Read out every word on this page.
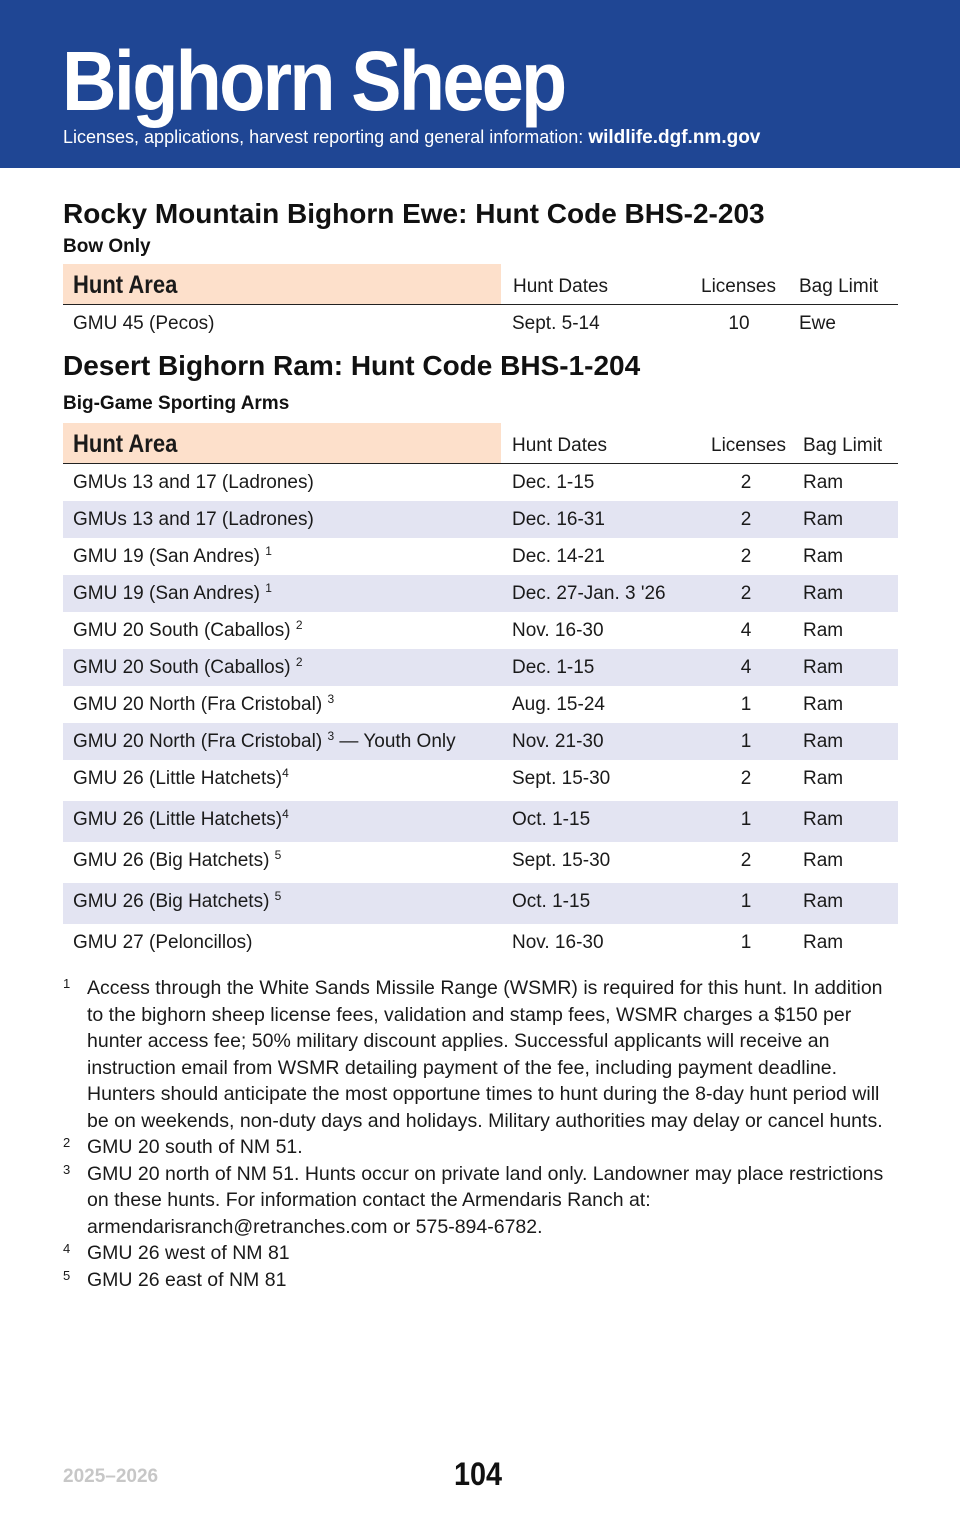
Bighorn Sheep
Licenses, applications, harvest reporting and general information: wildlife.dgf.nm.gov
Rocky Mountain Bighorn Ewe: Hunt Code BHS-2-203
Bow Only
Hunt Area	Hunt Dates	Licenses Bag Limit
GMU 45 (Pecos)	Sept. 5-14	10	Ewe
Desert Bighorn Ram: Hunt Code BHS-1-204
Big-Game Sporting Arms
Hunt Area	Hunt Dates	Licenses Bag Limit
GMUs 13 and 17 (Ladrones)	Dec. 1-15	2	Ram
GMUs 13 and 17 (Ladrones)	Dec. 16-31	2	Ram
GMU 19 (San Andres) $^1$	Dec. 14-21	2	Ram
GMU 19 (San Andres) $^1$	Dec. 27-Jan. 3 '26	2	Ram
GMU 20 South (Caballos) $^2$	Nov. 16-30	4	Ram
GMU 20 South (Caballos) $^2$	Dec. 1-15	4	Ram
GMU 20 North (Fra Cristobal) $^3$	Aug. 15-24	1	Ram
GMU 20 North (Fra Cristobal) $^3$ — Youth Only	Nov. 21-30	1	Ram
GMU 26 (Little Hatchets)$^4$	Sept. 15-30	2	Ram
GMU 26 (Little Hatchets)$^4$	Oct. 1-15	1	Ram
GMU 26 (Big Hatchets) $^5$	Sept. 15-30	2	Ram
GMU 26 (Big Hatchets) $^5$	Oct. 1-15	1	Ram
GMU 27 (Peloncillos)	Nov. 16-30	1	Ram
1 Access through the White Sands Missile Range (WSMR) is required for this hunt. In addition to the bighorn sheep license fees, validation and stamp fees, WSMR charges a $150 per hunter access fee; 50% military discount applies. Successful applicants will receive an instruction email from WSMR detailing payment of the fee, including payment deadline. Hunters should anticipate the most opportune times to hunt during the 8-day hunt period will be on weekends, non-duty days and holidays. Military authorities may delay or cancel hunts.
2 GMU 20 south of NM 51.
3 GMU 20 north of NM 51. Hunts occur on private land only. Landowner may place restrictions on these hunts. For information contact the Armendaris Ranch at: armendarisranch@retranches.com or 575-894-6782.
4 GMU 26 west of NM 81
5 GMU 26 east of NM 81
2025–2026	104
